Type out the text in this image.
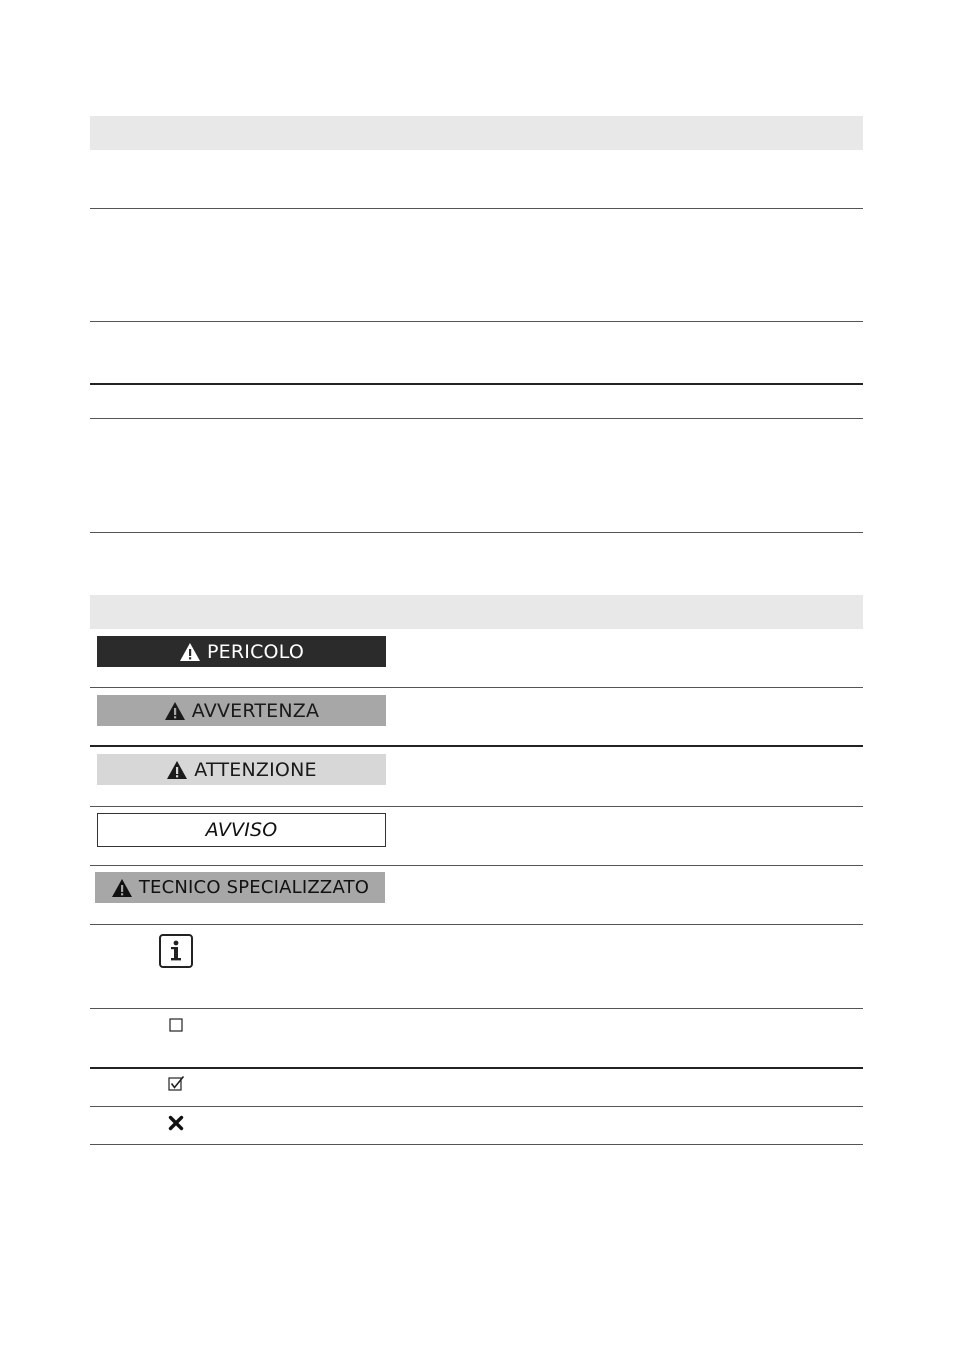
PERICOLO
AVVERTENZA
ATTENZIONE
AVVISO
TECNICO SPECIALIZZATO
